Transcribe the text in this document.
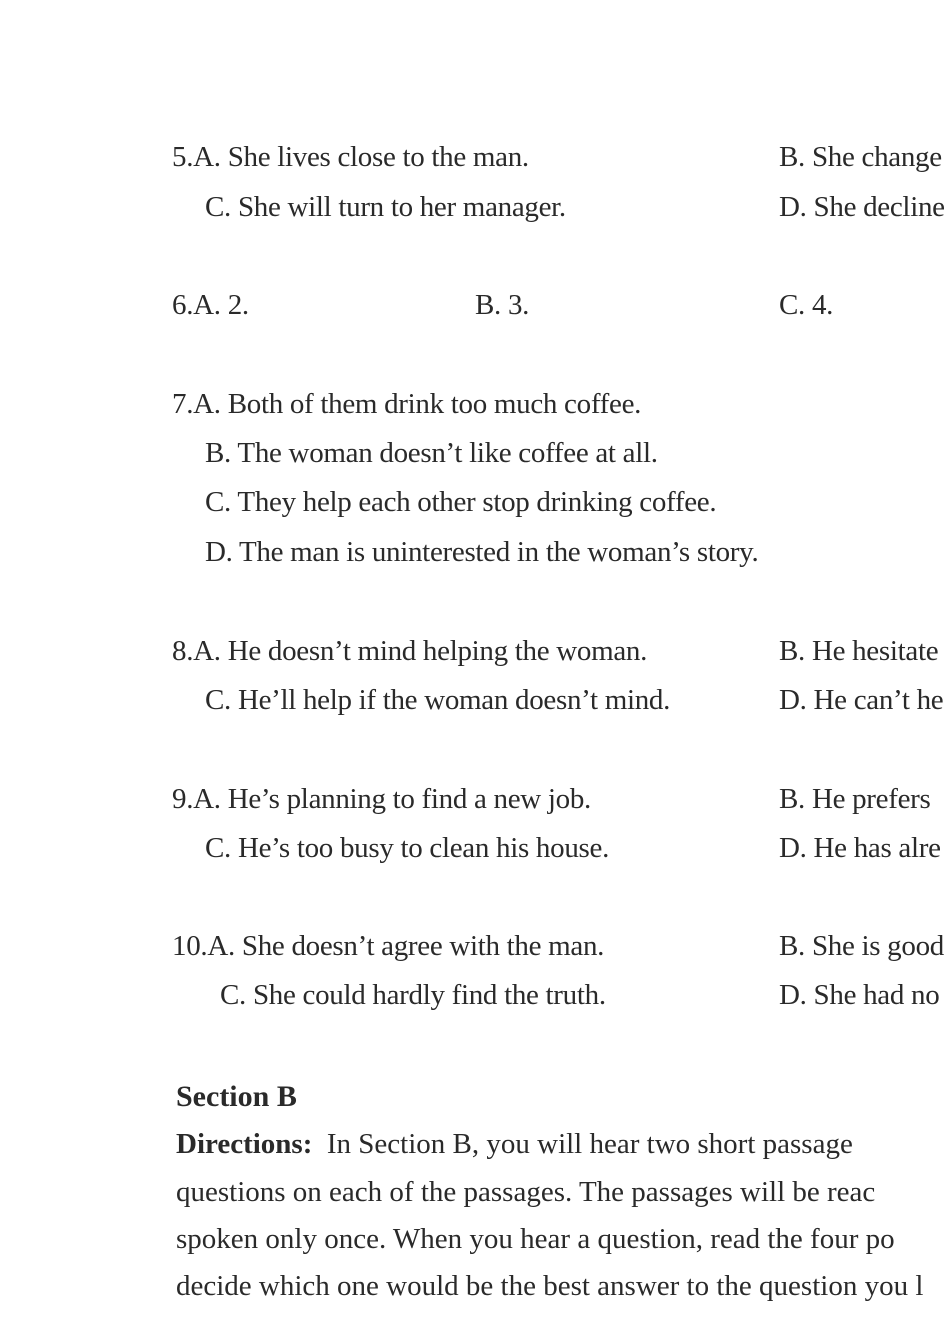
5.A. She lives close to the man.	B. She change
C. She will turn to her manager.	D. She decline
6.A. 2.	B. 3.	C. 4.
7.A. Both of them drink too much coffee.
B. The woman doesn’t like coffee at all.
C. They help each other stop drinking coffee.
D. The man is uninterested in the woman’s story.
8.A. He doesn’t mind helping the woman.	B. He hesitate
C. He’ll help if the woman doesn’t mind.	D. He can’t he
9.A. He’s planning to find a new job.	B. He prefers
C. He’s too busy to clean his house.	D. He has alre
10.A. She doesn’t agree with the man.	B. She is good
C. She could hardly find the truth.	D. She had no
Section B
Directions: In Section B, you will hear two short passage
questions on each of the passages. The passages will be reac
spoken only once. When you hear a question, read the four po
decide which one would be the best answer to the question you l
